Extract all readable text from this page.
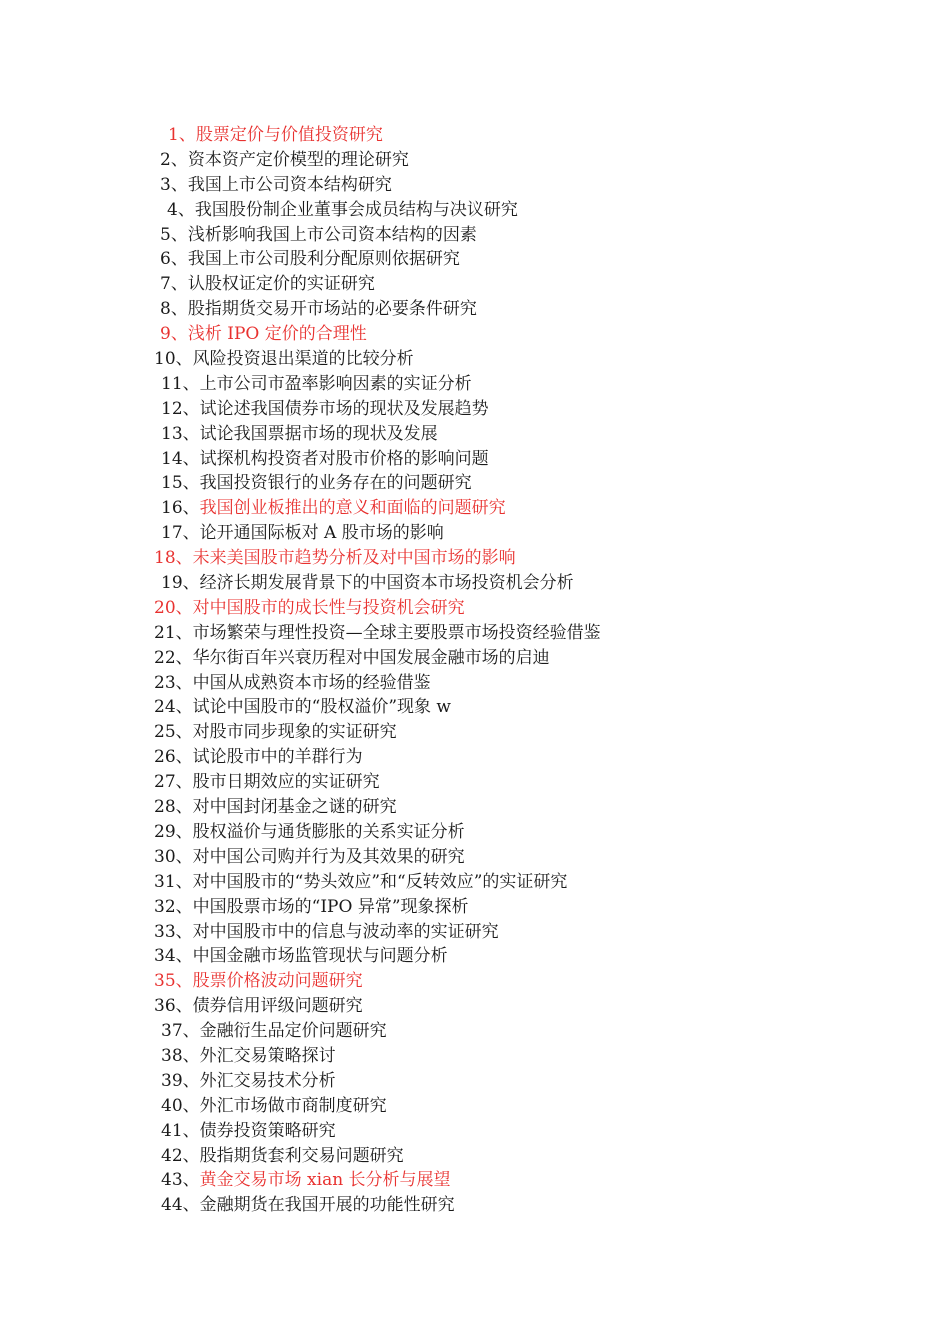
1、股票定价与价值投资研究
2、资本资产定价模型的理论研究
3、我国上市公司资本结构研究
4、我国股份制企业董事会成员结构与决议研究
5、浅析影响我国上市公司资本结构的因素
6、我国上市公司股利分配原则依据研究
7、认股权证定价的实证研究
8、股指期货交易开市场站的必要条件研究
9、浅析 IPO 定价的合理性
10、风险投资退出渠道的比较分析
11、上市公司市盈率影响因素的实证分析
12、试论述我国债券市场的现状及发展趋势
13、试论我国票据市场的现状及发展
14、试探机构投资者对股市价格的影响问题
15、我国投资银行的业务存在的问题研究
16、我国创业板推出的意义和面临的问题研究
17、论开通国际板对 A 股市场的影响
18、未来美国股市趋势分析及对中国市场的影响
19、经济长期发展背景下的中国资本市场投资机会分析
20、对中国股市的成长性与投资机会研究
21、市场繁荣与理性投资—全球主要股票市场投资经验借鉴
22、华尔街百年兴衰历程对中国发展金融市场的启迪
23、中国从成熟资本市场的经验借鉴
24、试论中国股市的“股权溢价”现象 w
25、对股市同步现象的实证研究
26、试论股市中的羊群行为
27、股市日期效应的实证研究
28、对中国封闭基金之谜的研究
29、股权溢价与通货膨胀的关系实证分析
30、对中国公司购并行为及其效果的研究
31、对中国股市的“势头效应”和“反转效应”的实证研究
32、中国股票市场的“IPO 异常”现象探析
33、对中国股市中的信息与波动率的实证研究
34、中国金融市场监管现状与问题分析
35、股票价格波动问题研究
36、债券信用评级问题研究
37、金融衍生品定价问题研究
38、外汇交易策略探讨
39、外汇交易技术分析
40、外汇市场做市商制度研究
41、债券投资策略研究
42、股指期货套利交易问题研究
43、黄金交易市场 xian 长分析与展望
44、金融期货在我国开展的功能性研究
